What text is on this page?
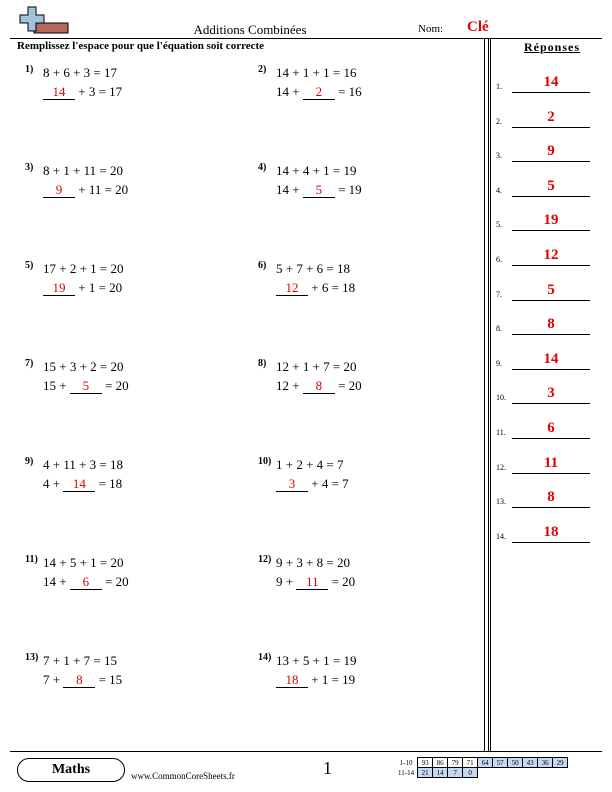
Additions Combinées	Nom: Clé
Remplissez l'espace pour que l'équation soit correcte	Réponses
1) 8 + 6 + 3 = 17
14 + 3 = 17
2) 14 + 1 + 1 = 16
14 + 2 = 16
3) 8 + 1 + 11 = 20
9 + 11 = 20
4) 14 + 4 + 1 = 19
14 + 5 = 19
5) 17 + 2 + 1 = 20
19 + 1 = 20
6) 5 + 7 + 6 = 18
12 + 6 = 18
7) 15 + 3 + 2 = 20
15 + 5 = 20
8) 12 + 1 + 7 = 20
12 + 8 = 20
9) 4 + 11 + 3 = 18
4 + 14 = 18
10) 1 + 2 + 4 = 7
3 + 4 = 7
11) 14 + 5 + 1 = 20
14 + 6 = 20
12) 9 + 3 + 8 = 20
9 + 11 = 20
13) 7 + 1 + 7 = 15
7 + 8 = 15
14) 13 + 5 + 1 = 19
18 + 1 = 19
1.	14
2.	2
3.	9
4.	5
5.	19
6.	12
7.	5
8.	8
9.	14
10.	3
11.	6
12.	11
13.	8
14.	18
Maths	www.CommonCoreSheets.fr	1	1-10	93	86	79	71	64	57	50	43	36	29
11-14	21	14	7	0						
